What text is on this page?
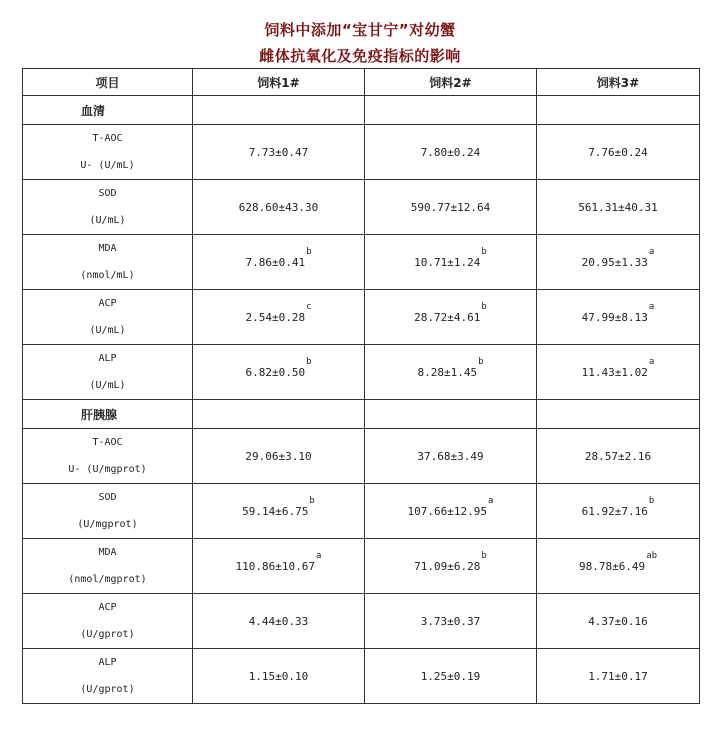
饲料中添加“宝甘宁”对幼蟹
雌体抗氧化及免疫指标的影响
项目	饲料1#	饲料2#	饲料3#
血清			

T-AOC
U- (U/mL)	7.73±0.47	7.80±0.24	7.76±0.24

SOD
(U/mL)	628.60±43.30	590.77±12.64	561.31±40.31

MDA
(nmol/mL)	7.86±0.41$^b$	10.71±1.24$^b$	20.95±1.33$^a$

ACP
(U/mL)	2.54±0.28$^c$	28.72±4.61$^b$	47.99±8.13$^a$

ALP
(U/mL)	6.82±0.50$^b$	8.28±1.45$^b$	11.43±1.02$^a$
肝胰腺			

T-AOC
U- (U/mgprot)	29.06±3.10	37.68±3.49	28.57±2.16

SOD
(U/mgprot)	59.14±6.75$^b$	107.66±12.95$^a$	61.92±7.16$^b$

MDA
(nmol/mgprot)	110.86±10.67$^a$	71.09±6.28$^b$	98.78±6.49$^{ab}$

ACP
(U/gprot)	4.44±0.33	3.73±0.37	4.37±0.16

ALP
(U/gprot)	1.15±0.10	1.25±0.19	1.71±0.17
